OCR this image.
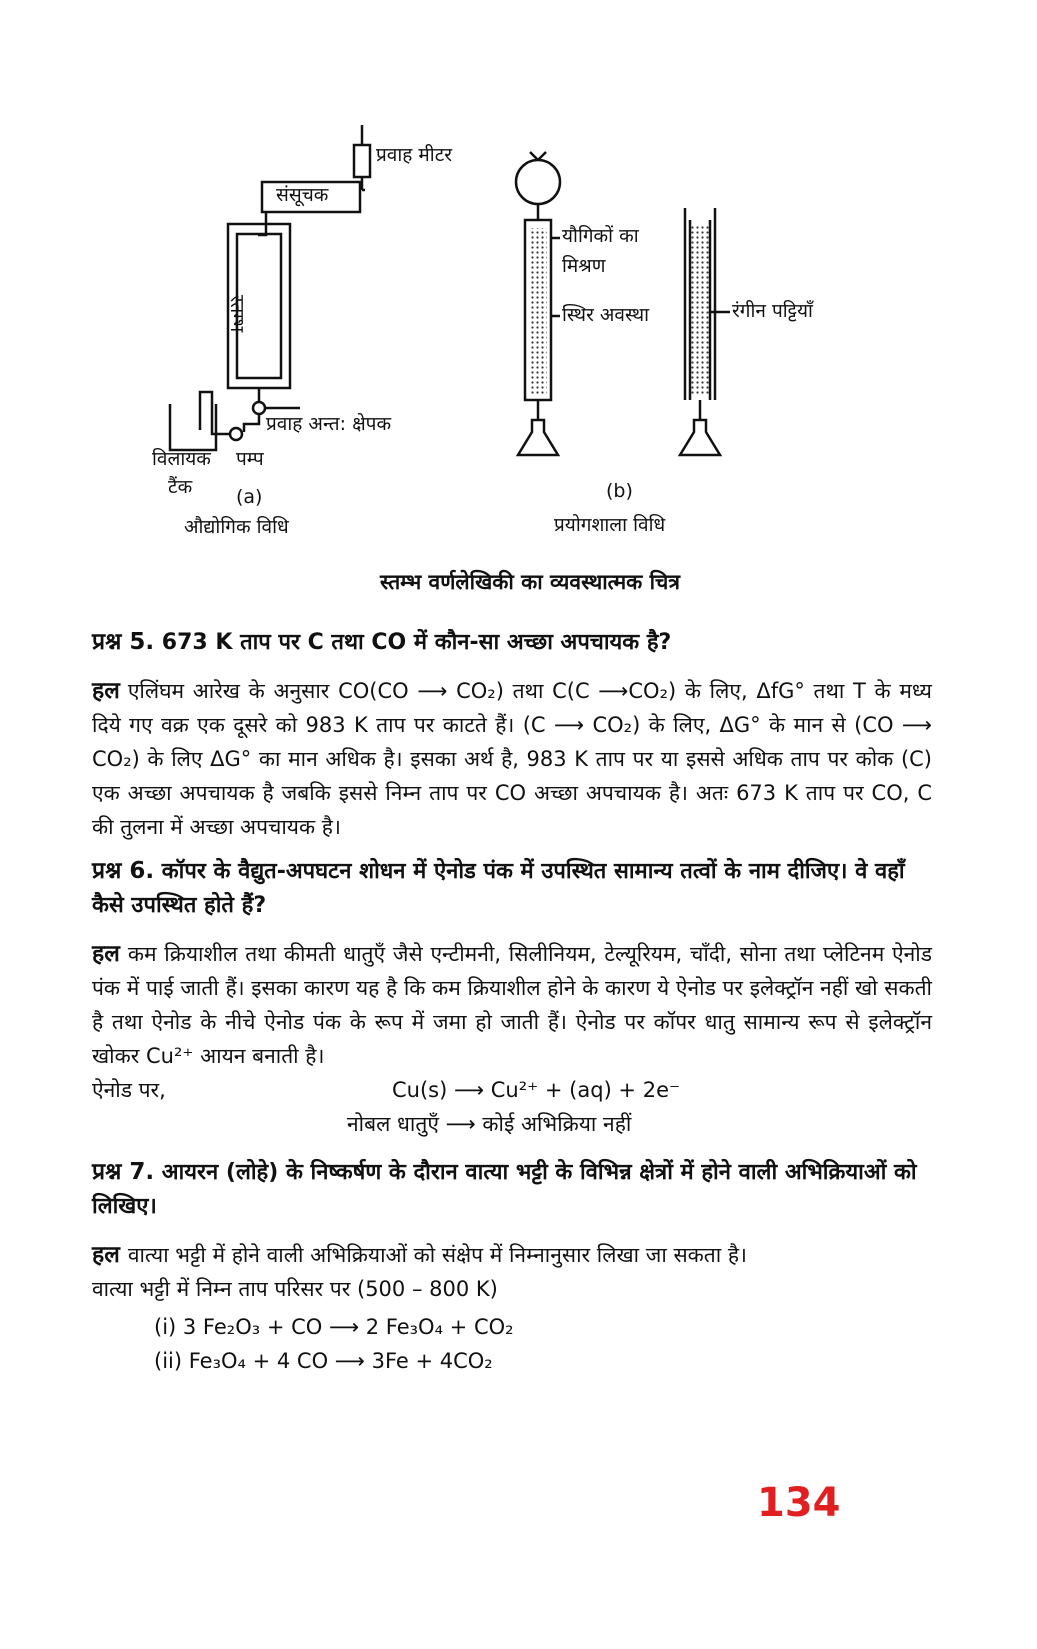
प्रवाह मीटर
संसूचक
स्तम्भ
प्रवाह अन्त: क्षेपक
विलायक पम्प
टैंक (a)
औद्योगिक विधि
यौगिकों का
मिश्रण
स्थिर अवस्था	रंगीन पट्टियाँ
(b)
प्रयोगशाला विधि
स्तम्भ वर्णलेखिकी का व्यवस्थात्मक चित्र

प्रश्न 5. 673 K ताप पर C तथा CO में कौन-सा अच्छा अपचायक है?

हल एलिंघम आरेख के अनुसार CO(CO ⟶ CO₂) तथा C(C ⟶CO₂) के लिए, ΔfG° तथा T के मध्य दिये गए वक्र एक दूसरे को 983 K ताप पर काटते हैं। (C ⟶ CO₂) के लिए, ΔG° के मान से (CO ⟶ CO₂) के लिए ΔG° का मान अधिक है। इसका अर्थ है, 983 K ताप पर या इससे अधिक ताप पर कोक (C) एक अच्छा अपचायक है जबकि इससे निम्न ताप पर CO अच्छा अपचायक है। अतः 673 K ताप पर CO, C की तुलना में अच्छा अपचायक है।

प्रश्न 6. कॉपर के वैद्युत-अपघटन शोधन में ऐनोड पंक में उपस्थित सामान्य तत्वों के नाम दीजिए। वे वहाँ कैसे उपस्थित होते हैं?

हल कम क्रियाशील तथा कीमती धातुएँ जैसे एन्टीमनी, सिलीनियम, टेल्यूरियम, चाँदी, सोना तथा प्लेटिनम ऐनोड पंक में पाई जाती हैं। इसका कारण यह है कि कम क्रियाशील होने के कारण ये ऐनोड पर इलेक्ट्रॉन नहीं खो सकती है तथा ऐनोड के नीचे ऐनोड पंक के रूप में जमा हो जाती हैं। ऐनोड पर कॉपर धातु सामान्य रूप से इलेक्ट्रॉन खोकर Cu²⁺ आयन बनाती है।

ऐनोड पर,	Cu(s) ⟶ Cu²⁺ + (aq) + 2e⁻

नोबल धातुएँ ⟶ कोई अभिक्रिया नहीं

प्रश्न 7. आयरन (लोहे) के निष्कर्षण के दौरान वात्या भट्टी के विभिन्न क्षेत्रों में होने वाली अभिक्रियाओं को लिखिए।

हल वात्या भट्टी में होने वाली अभिक्रियाओं को संक्षेप में निम्नानुसार लिखा जा सकता है।

वात्या भट्टी में निम्न ताप परिसर पर (500 – 800 K)

(i) 3 Fe₂O₃ + CO ⟶ 2 Fe₃O₄ + CO₂

(ii) Fe₃O₄ + 4 CO ⟶ 3Fe + 4CO₂

134
